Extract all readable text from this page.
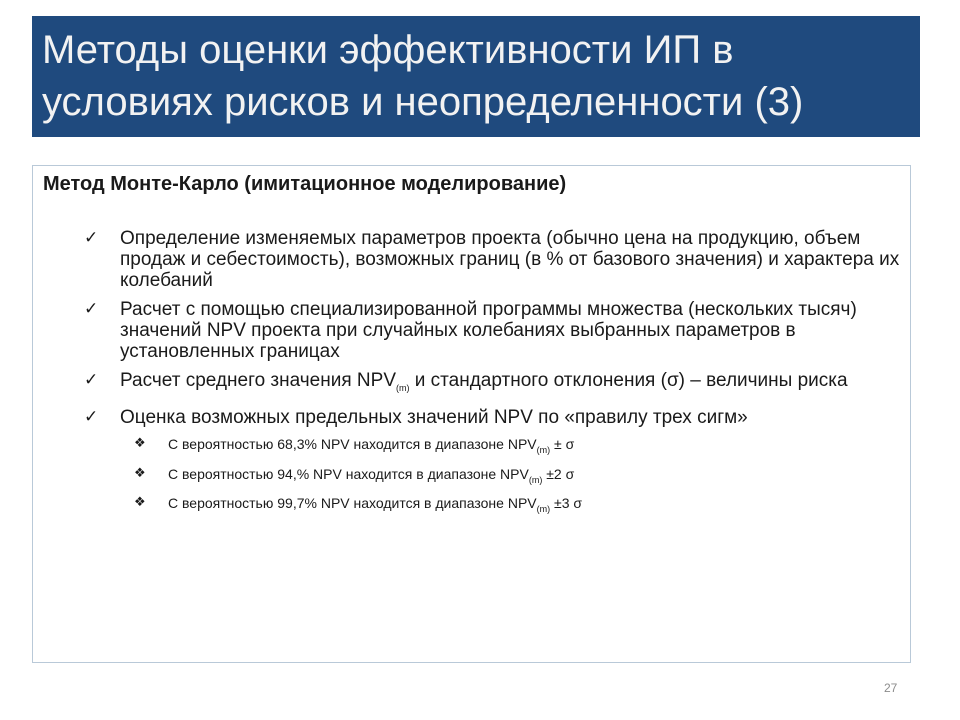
Методы оценки эффективности ИП в условиях рисков и неопределенности (3)
Метод Монте-Карло (имитационное моделирование)
✓ Определение изменяемых параметров проекта (обычно цена на продукцию, объем продаж и себестоимость), возможных границ (в % от базового значения) и характера их колебаний
✓ Расчет с помощью специализированной программы множества (нескольких тысяч) значений NPV проекта при случайных колебаниях выбранных параметров в установленных границах
✓ Расчет среднего значения $NPV_{(m)}$ и стандартного отклонения (σ) – величины риска
✓ Оценка возможных предельных значений NPV по «правилу трех сигм»
❖ С вероятностью 68,3% NPV находится в диапазоне $NPV_{(m)} \pm \sigma$
❖ С вероятностью 94,% NPV находится в диапазоне $NPV_{(m)} \pm 2$ σ
❖ С вероятностью 99,7% NPV находится в диапазоне $NPV_{(m)} \pm 3$ σ
27
